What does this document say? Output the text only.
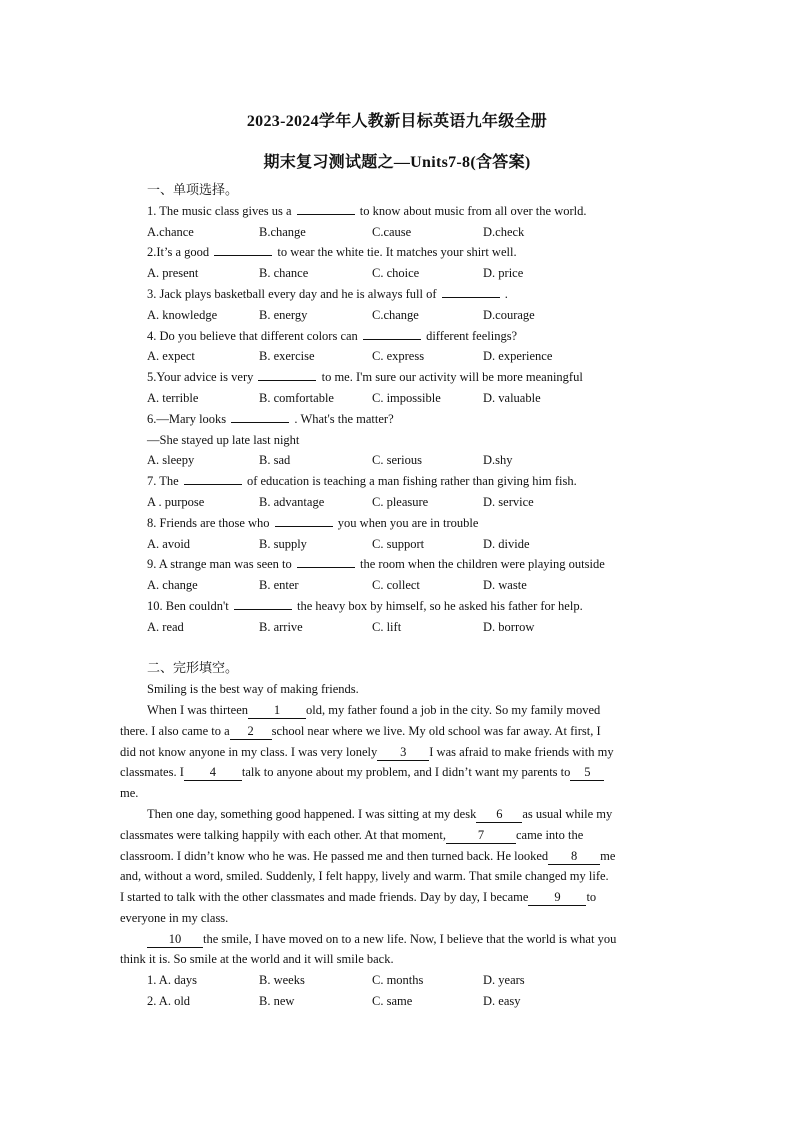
2023-2024学年人教新目标英语九年级全册
期末复习测试题之—Units7-8(含答案)
一、单项选择。
1. The music class gives us a	to know about music from all over the world.
A.chance	B.change	C.cause	D.check
2.It’s a good	to wear the white tie. It matches your shirt well.
A. present	B. chance	C. choice	D. price
3. Jack plays basketball every day and he is always full of	.
A. knowledge	B. energy	C.change	D.courage
4. Do you believe that different colors can	different feelings?
A. expect	B. exercise	C. express	D. experience
5.Your advice is very	to me. I'm sure our activity will be more meaningful
A. terrible	B. comfortable	C. impossible	D. valuable
6.—Mary looks	. What's the matter?
—She stayed up late last night
A. sleepy	B. sad	C. serious	D.shy
7. The	of education is teaching a man fishing rather than giving him fish.
A . purpose	B. advantage	C. pleasure	D. service
8. Friends are those who	you when you are in trouble
A. avoid	B. supply	C. support	D. divide
9. A strange man was seen to	the room when the children were playing outside
A. change	B. enter	C. collect	D. waste
10. Ben couldn't	the heavy box by himself, so he asked his father for help.
A. read	B. arrive	C. lift	D. borrow
二、完形填空。
Smiling is the best way of making friends.
When I was thirteen 1 old, my father found a job in the city. So my family moved
there. I also came to a 2 school near where we live. My old school was far away. At first, I
did not know anyone in my class. I was very lonely 3 I was afraid to make friends with my
classmates. I 4 talk to anyone about my problem, and I didn’t want my parents to 5
me.
Then one day, something good happened. I was sitting at my desk 6 as usual while my
classmates were talking happily with each other. At that moment,	7	came into the
classroom. I didn’t know who he was. He passed me and then turned back. He looked 8 me
and, without a word, smiled. Suddenly, I felt happy, lively and warm. That smile changed my life.
I started to talk with the other classmates and made friends. Day by day, I became 9 to
everyone in my class.
10 the smile, I have moved on to a new life. Now, I believe that the world is what you
think it is. So smile at the world and it will smile back.
1. A. days	B. weeks	C. months	D. years
2. A. old	B. new	C. same	D. easy
